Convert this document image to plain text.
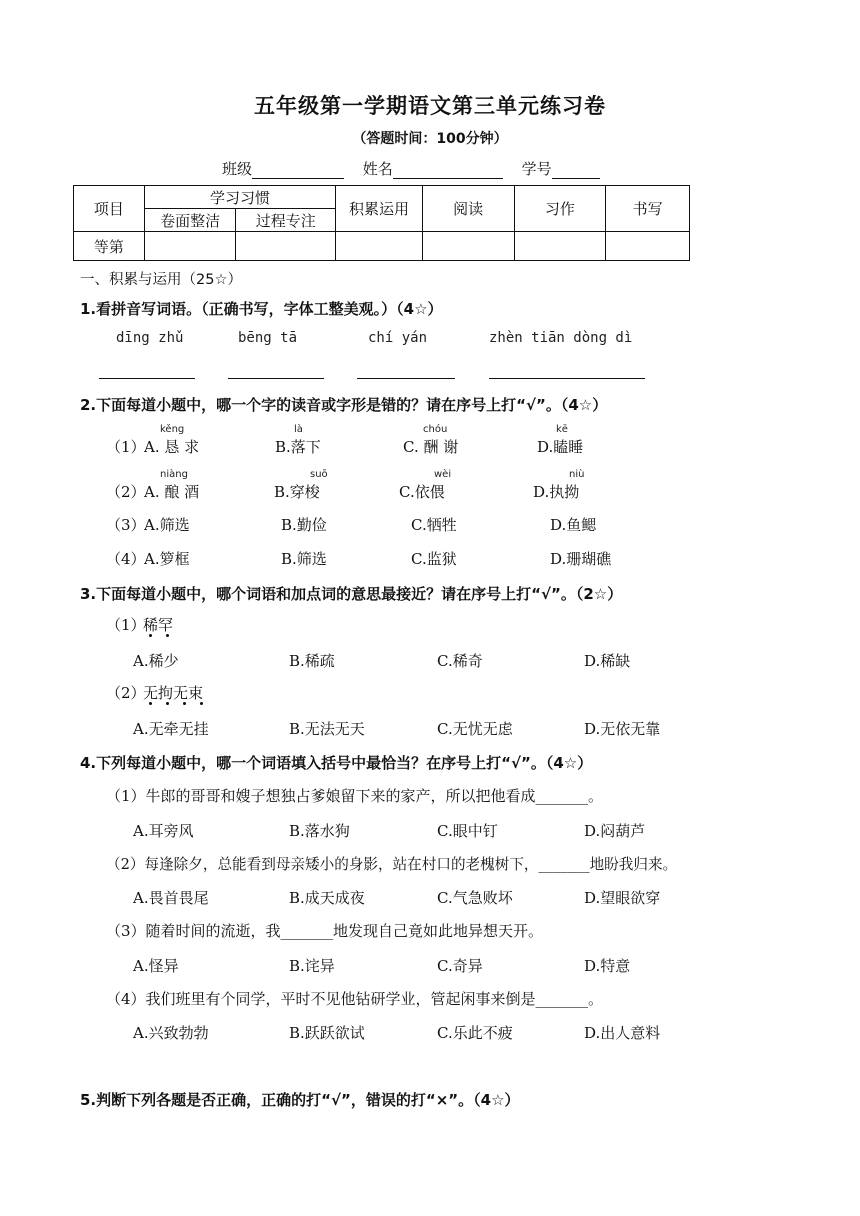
五年级第一学期语文第三单元练习卷
（答题时间：100分钟）
班级	姓名	学号
项目	学习习惯		积累运用	阅读	习作	书写
	卷面整洁	过程专注				
等第						
一、积累与运用（25☆）
1.看拼音写词语。（正确书写，字体工整美观。）（4☆）
dīng zhǔ	bēng tā	chí yán	zhèn tiān dòng dì
2.下面每道小题中，哪一个字的读音或字形是错的？请在序号上打“√”。（4☆）
（1）
kěng
A. 恳 求
là
B.落下
chóu
C. 酬 谢
kē
D.瞌睡
（2）
niàng
A. 酿 酒
suō
B.穿梭
wèi
C.依偎
niù
D.执拗
（3）
A.筛选	B.勤俭	C.牺牲	D.鱼鳃
（4）
A.箩框	B.筛选	C.监狱	D.珊瑚礁
3.下面每道小题中，哪个词语和加点词的意思最接近？请在序号上打“√”。（2☆）
（1）
稀罕
A.稀少	B.稀疏	C.稀奇	D.稀缺
（2）
无拘无束
A.无牵无挂	B.无法无天	C.无忧无虑	D.无依无靠
4.下列每道小题中，哪一个词语填入括号中最恰当？在序号上打“√”。（4☆）
（1）牛郎的哥哥和嫂子想独占爹娘留下来的家产，所以把他看成_______。
A.耳旁风	B.落水狗	C.眼中钉	D.闷葫芦
（2）每逢除夕，总能看到母亲矮小的身影，站在村口的老槐树下，_______地盼我归来。
A.畏首畏尾	B.成天成夜	C.气急败坏	D.望眼欲穿
（3）随着时间的流逝，我_______地发现自己竟如此地异想天开。
A.怪异	B.诧异	C.奇异	D.特意
（4）我们班里有个同学，平时不见他钻研学业，管起闲事来倒是_______。
A.兴致勃勃	B.跃跃欲试	C.乐此不疲	D.出人意料
5.判断下列各题是否正确，正确的打“√”，错误的打“×”。（4☆）
